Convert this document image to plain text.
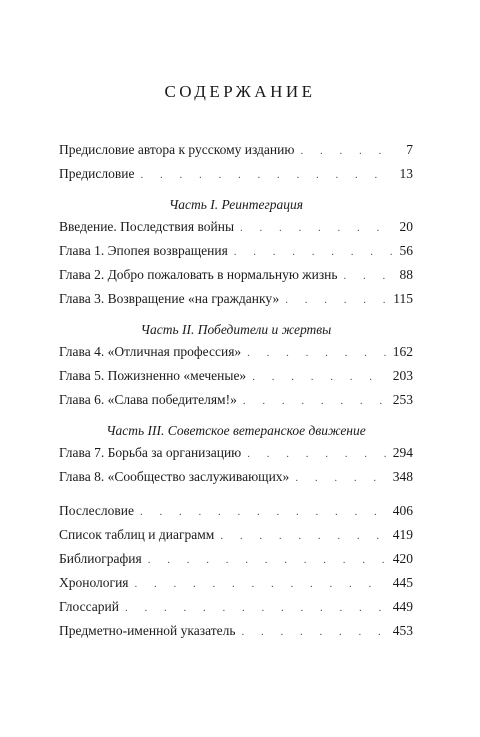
СОДЕРЖАНИЕ
Предисловие автора к русскому изданию . . .	7
Предисловие . . .	13
Часть I. Реинтеграция
Введение. Последствия войны . . .	20
Глава 1. Эпопея возвращения . . .	56
Глава 2. Добро пожаловать в нормальную жизнь . . .	88
Глава 3. Возвращение «на гражданку» . . .	115
Часть II. Победители и жертвы
Глава 4. «Отличная профессия» . . .	162
Глава 5. Пожизненно «меченые» . . .	203
Глава 6. «Слава победителям!» . . .	253
Часть III. Советское ветеранское движение
Глава 7. Борьба за организацию . . .	294
Глава 8. «Сообщество заслуживающих» . . .	348
Послесловие . . .	406
Список таблиц и диаграмм . . .	419
Библиография . . .	420
Хронология . . .	445
Глоссарий . . .	449
Предметно-именной указатель . . .	453
